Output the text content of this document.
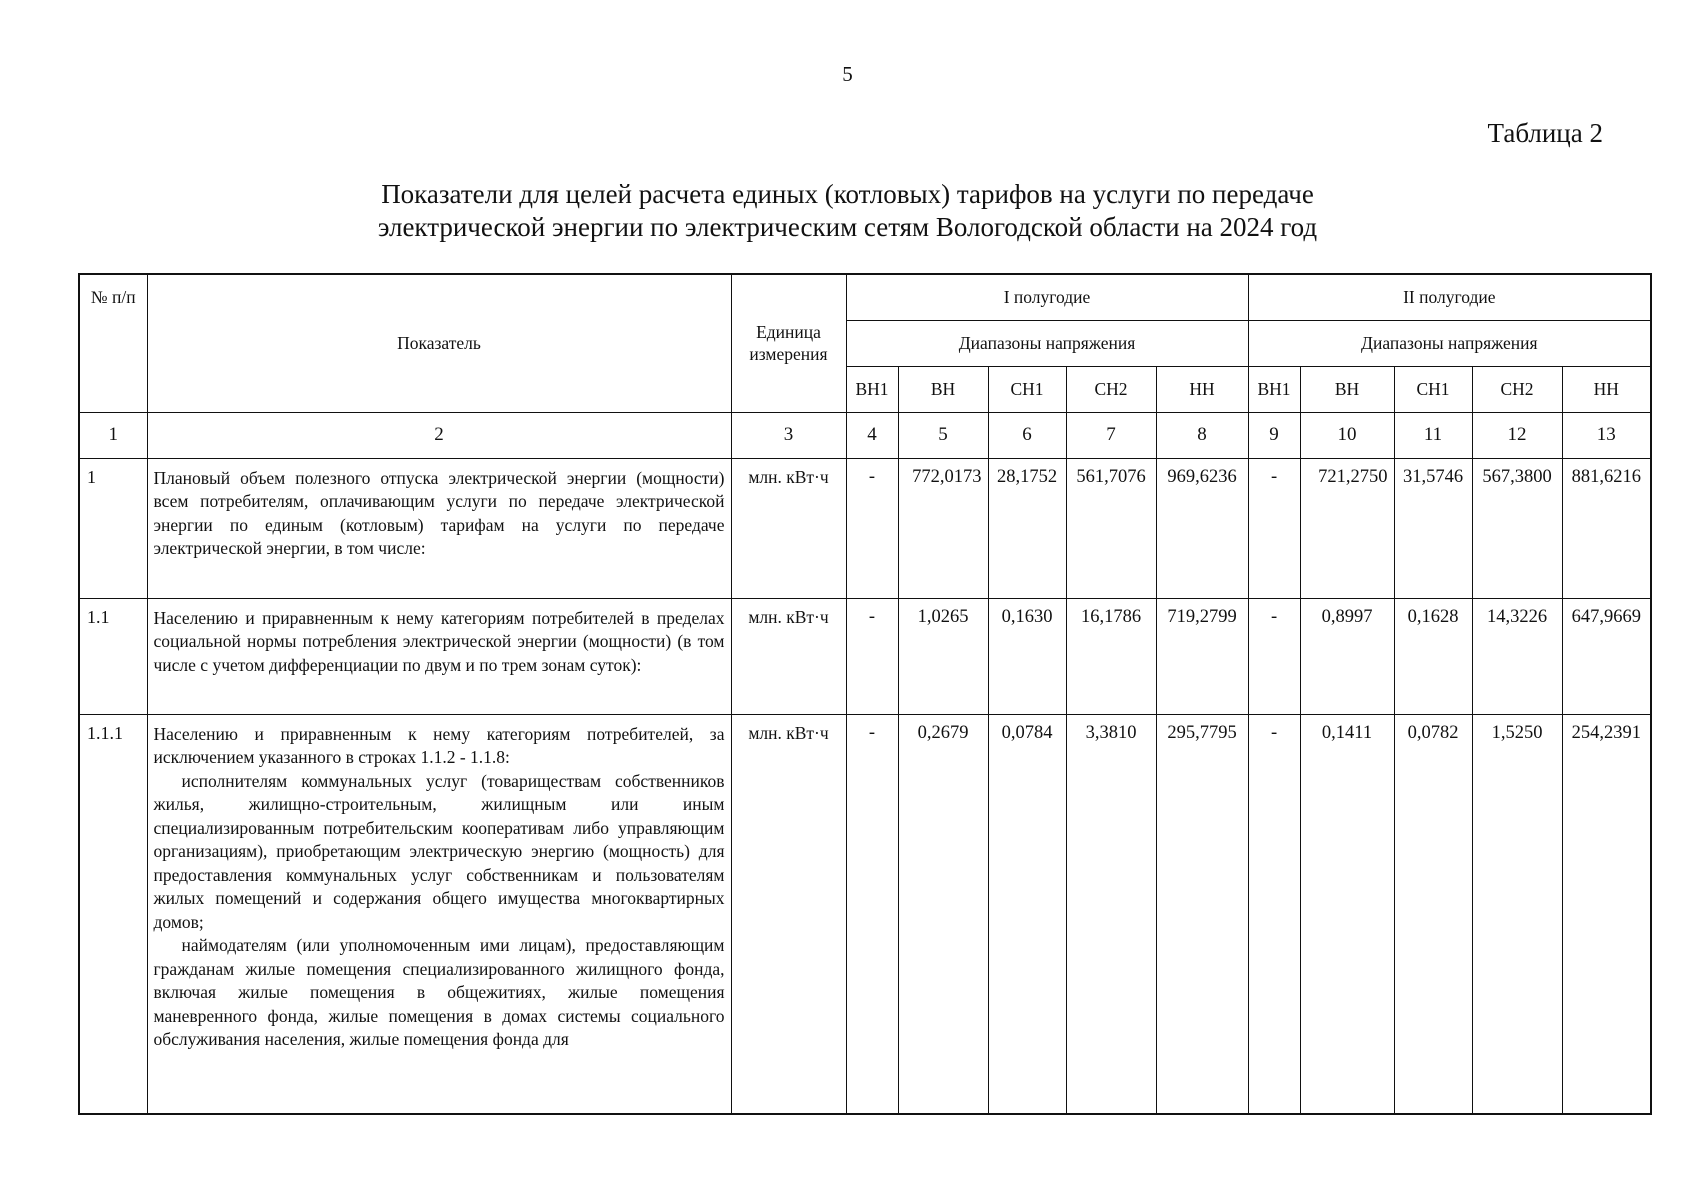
5
Таблица 2
Показатели для целей расчета единых (котловых) тарифов на услуги по передаче
электрической энергии по электрическим сетям Вологодской области на 2024 год
№ п/п	Показатель	Единица измерения	I полугодие					II полугодие				
			Диапазоны напряжения					Диапазоны напряжения				
			ВН1	ВН	СН1	СН2	НН	ВН1	ВН	СН1	СН2	НН
1	2	3	4	5	6	7	8	9	10	11	12	13
1	Плановый объем полезного отпуска электрической энергии (мощности) всем потребителям, оплачивающим услуги по передаче электрической энергии по единым (котловым) тарифам на услуги по передаче электрической энергии, в том числе:	млн. кВт·ч	-	772,0173	28,1752	561,7076	969,6236	-	721,2750	31,5746	567,3800	881,6216
1.1	Населению и приравненным к нему категориям потребителей в пределах социальной нормы потребления электрической энергии (мощности) (в том числе с учетом дифференциации по двум и по трем зонам суток):	млн. кВт·ч	-	1,0265	0,1630	16,1786	719,2799	-	0,8997	0,1628	14,3226	647,9669
1.1.1	Населению и приравненным к нему категориям потребителей, за исключением указанного в строках 1.1.2 - 1.1.8:

исполнителям коммунальных услуг (товариществам собственников жилья, жилищно-строительным, жилищным или иным специализированным потребительским кооперативам либо управляющим организациям), приобретающим электрическую энергию (мощность) для предоставления коммунальных услуг собственникам и пользователям жилых помещений и содержания общего имущества многоквартирных домов;

наймодателям (или уполномоченным ими лицам), предоставляющим гражданам жилые помещения специализированного жилищного фонда, включая жилые помещения в общежитиях, жилые помещения маневренного фонда, жилые помещения в домах системы социального обслуживания населения, жилые помещения фонда для	млн. кВт·ч	-	0,2679	0,0784	3,3810	295,7795	-	0,1411	0,0782	1,5250	254,2391
